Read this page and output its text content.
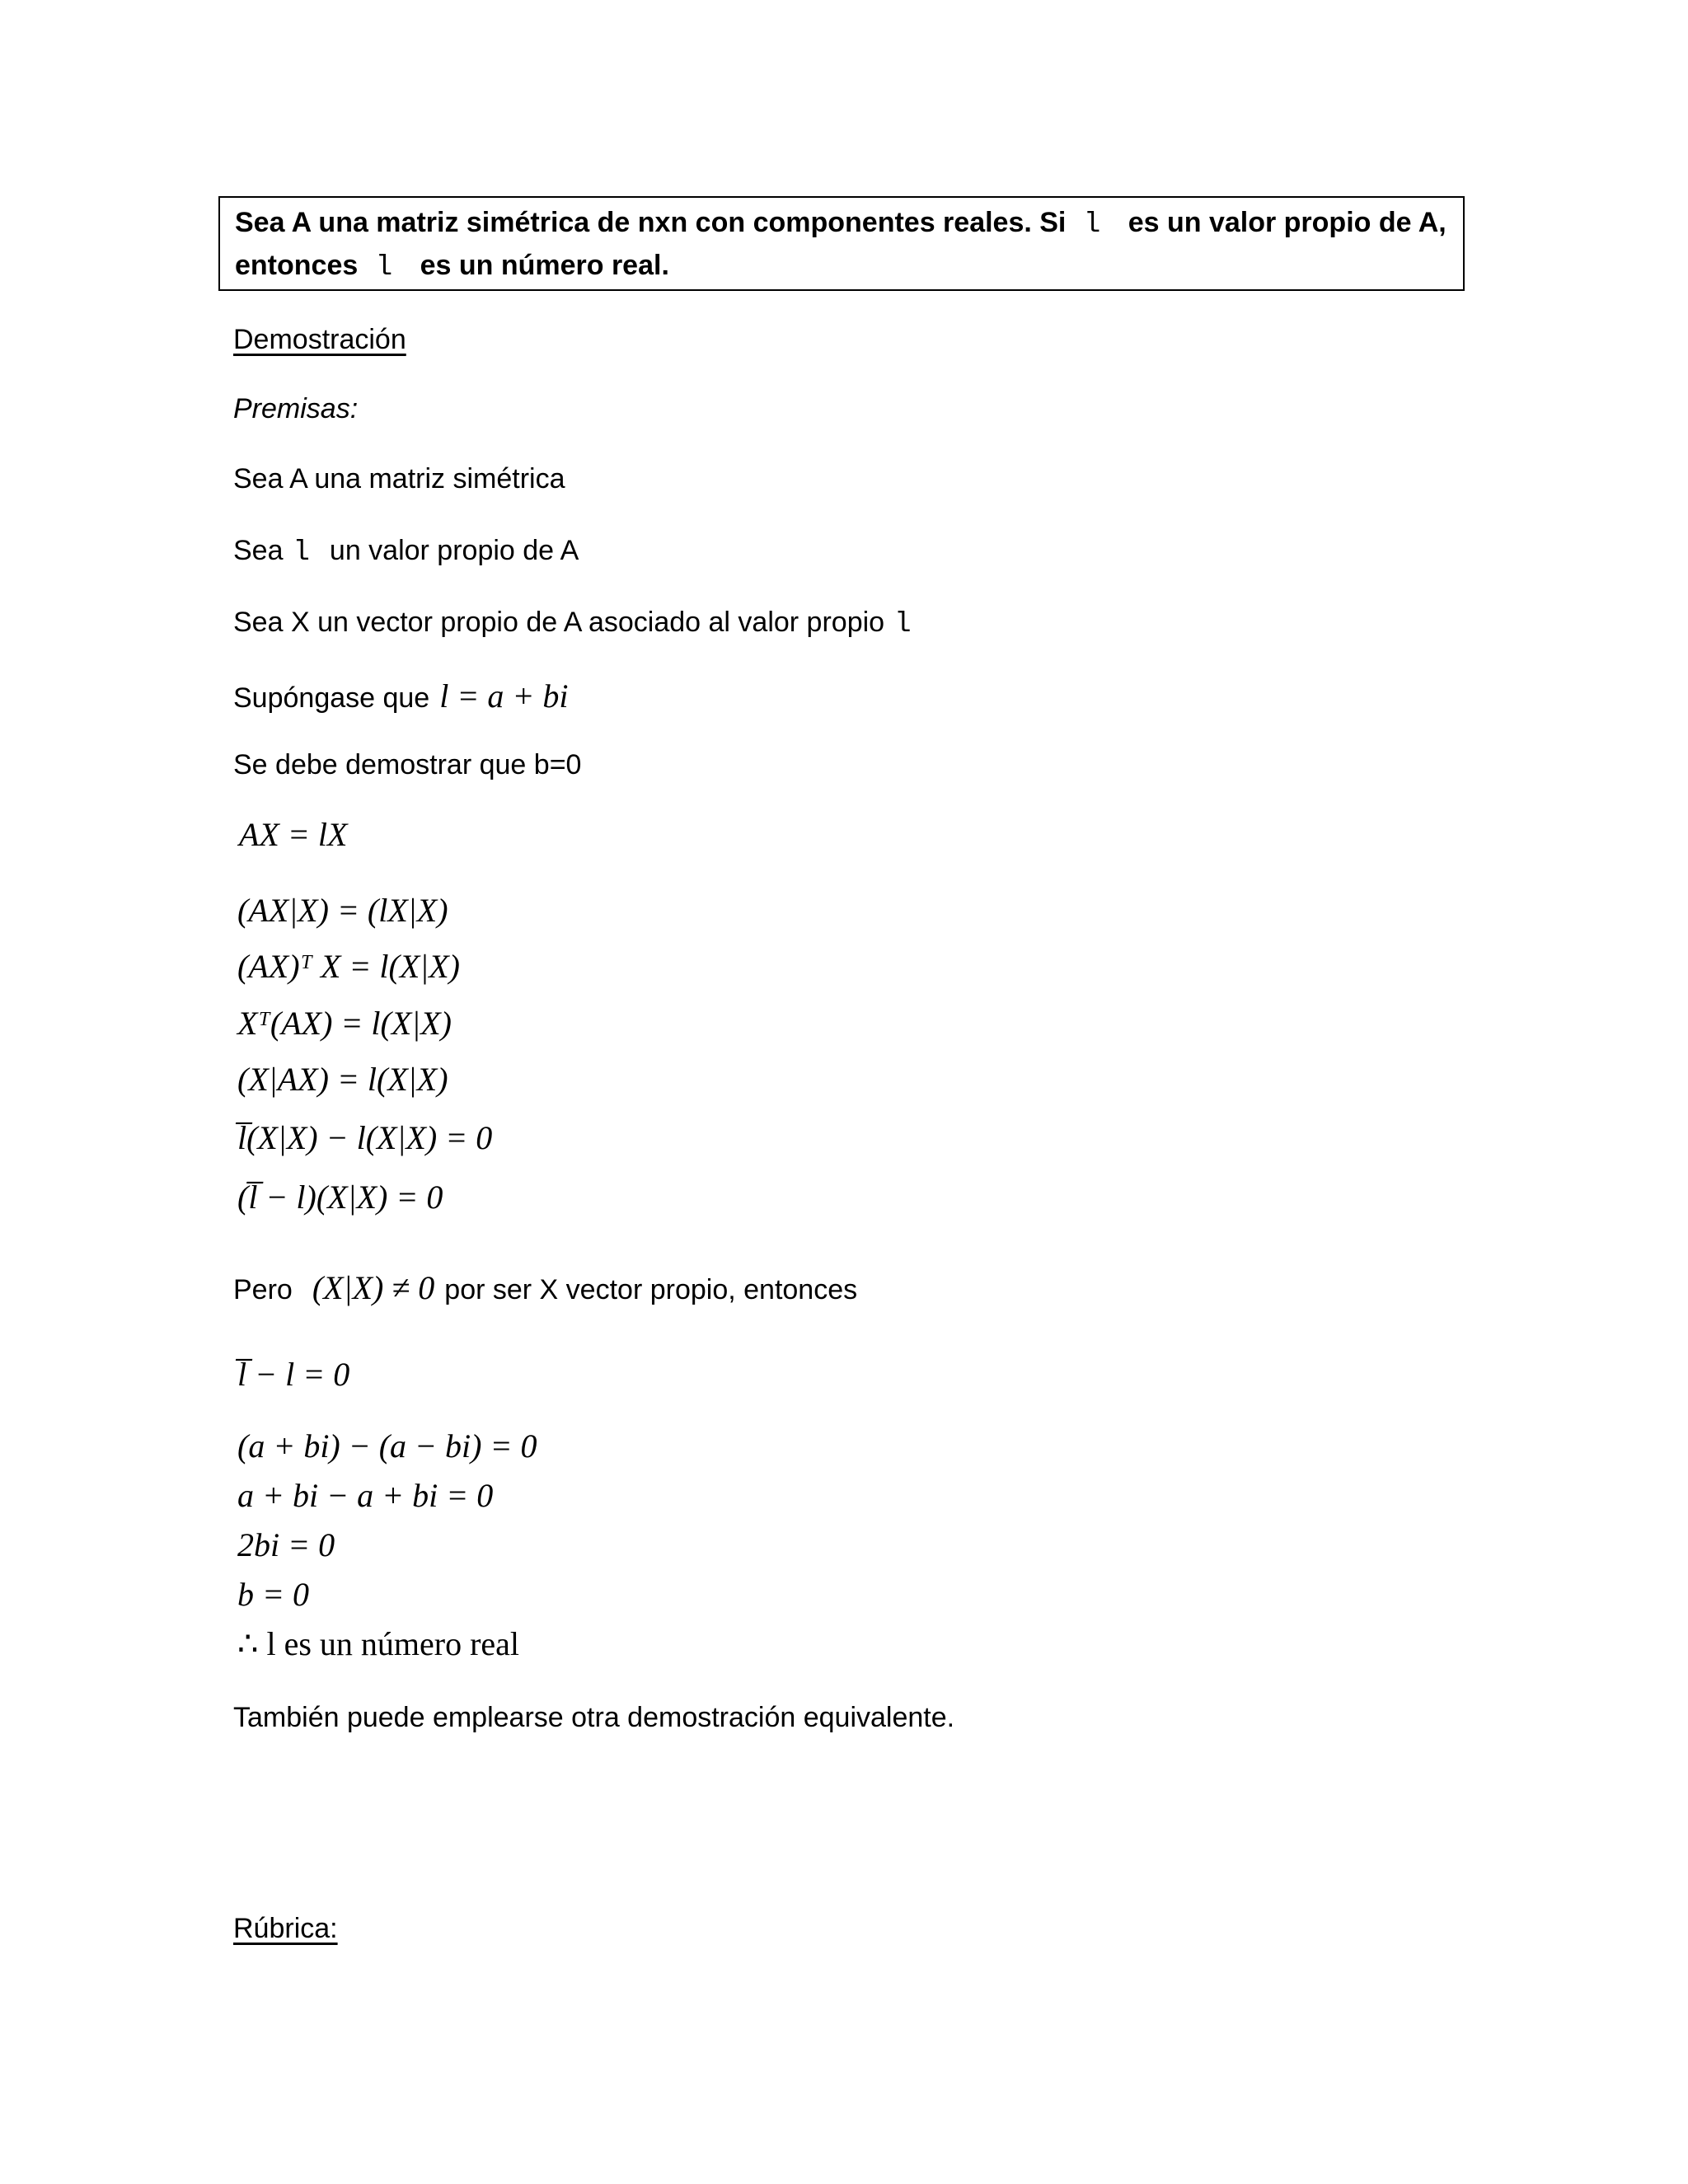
Sea A una matriz simétrica de nxn con componentes reales. Si l es un valor propio de A,
entonces l es un número real.
Demostración
Premisas:
Sea A una matriz simétrica
Sea l un valor propio de A
Sea X un vector propio de A asociado al valor propio l
Supóngase que l = a + bi
Se debe demostrar que b=0
AX = lX
(AX|X) = (lX|X)
(AX)ᵀ X = l(X|X)
Xᵀ(AX) = l(X|X)
(X|AX) = l(X|X)
l̅(X|X) − l(X|X) = 0
(l̅ − l)(X|X) = 0
Pero (X|X) ≠ 0 por ser X vector propio, entonces
l̅ − l = 0
(a + bi) − (a − bi) = 0
a + bi − a + bi = 0
2bi = 0
b = 0
∴ l es un número real
También puede emplearse otra demostración equivalente.
Rúbrica:
